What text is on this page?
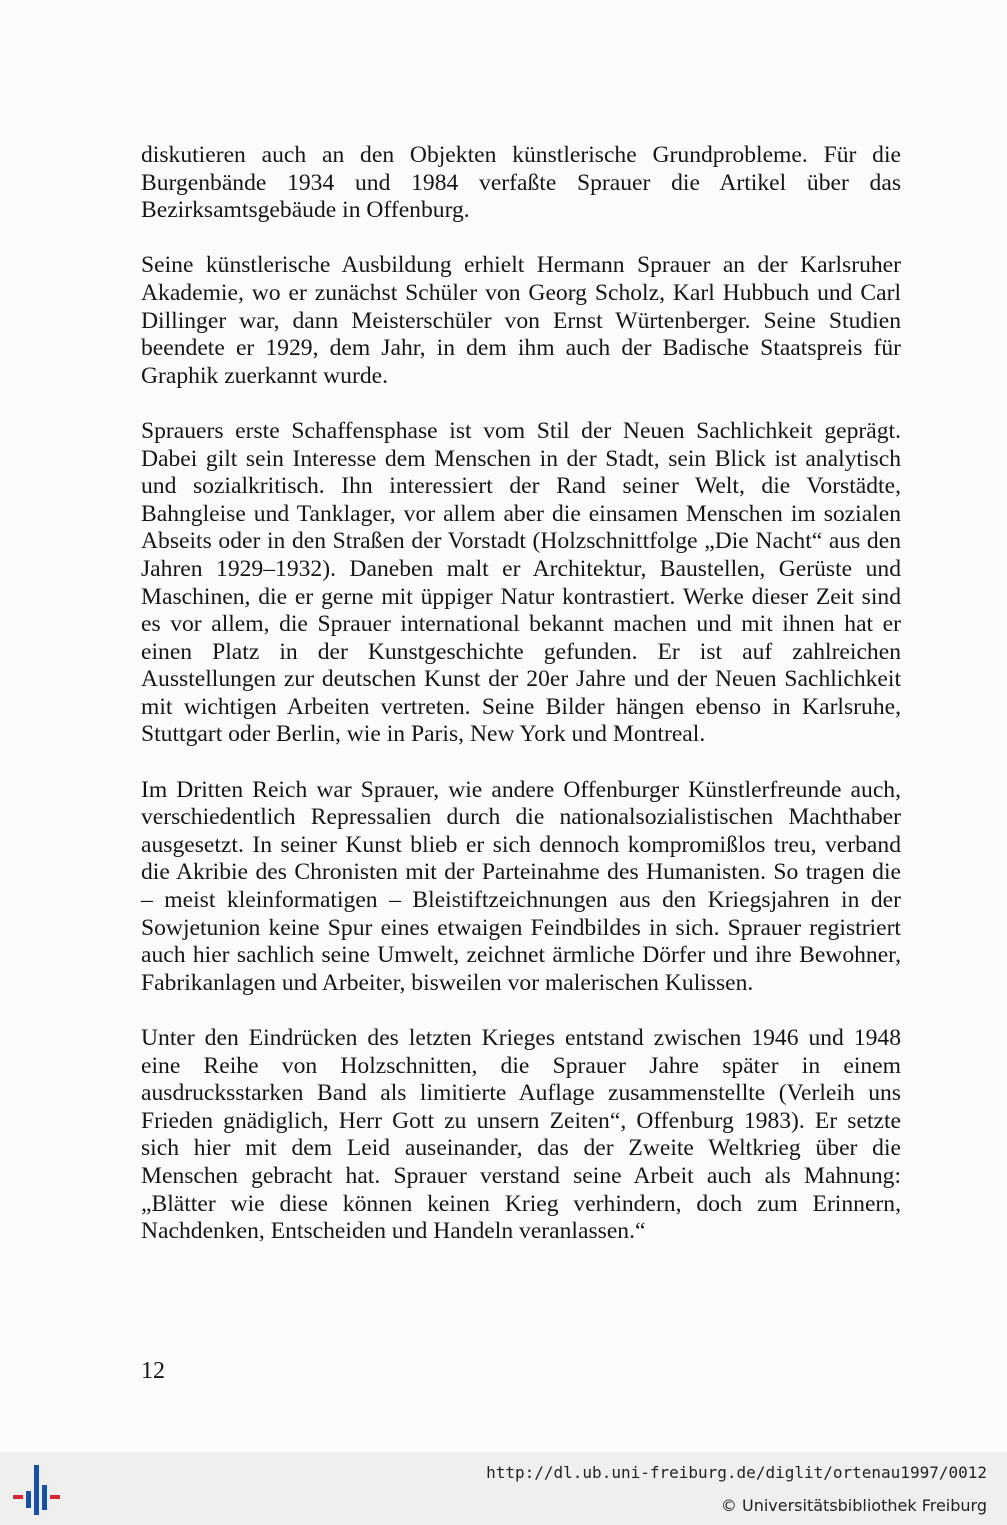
diskutieren auch an den Objekten künstlerische Grundprobleme. Für die Burgenbände 1934 und 1984 verfaßte Sprauer die Artikel über das Bezirksamtsgebäude in Offenburg.

Seine künstlerische Ausbildung erhielt Hermann Sprauer an der Karlsruher Akademie, wo er zunächst Schüler von Georg Scholz, Karl Hubbuch und Carl Dillinger war, dann Meisterschüler von Ernst Würtenberger. Seine Studien beendete er 1929, dem Jahr, in dem ihm auch der Badische Staatspreis für Graphik zuerkannt wurde.

Sprauers erste Schaffensphase ist vom Stil der Neuen Sachlichkeit geprägt. Dabei gilt sein Interesse dem Menschen in der Stadt, sein Blick ist analytisch und sozialkritisch. Ihn interessiert der Rand seiner Welt, die Vorstädte, Bahngleise und Tanklager, vor allem aber die einsamen Menschen im sozialen Abseits oder in den Straßen der Vorstadt (Holzschnittfolge „Die Nacht“ aus den Jahren 1929–1932). Daneben malt er Architektur, Baustellen, Gerüste und Maschinen, die er gerne mit üppiger Natur kontrastiert. Werke dieser Zeit sind es vor allem, die Sprauer international bekannt machen und mit ihnen hat er einen Platz in der Kunstgeschichte gefunden. Er ist auf zahlreichen Ausstellungen zur deutschen Kunst der 20er Jahre und der Neuen Sachlichkeit mit wichtigen Arbeiten vertreten. Seine Bilder hängen ebenso in Karlsruhe, Stuttgart oder Berlin, wie in Paris, New York und Montreal.

Im Dritten Reich war Sprauer, wie andere Offenburger Künstlerfreunde auch, verschiedentlich Repressalien durch die nationalsozialistischen Machthaber ausgesetzt. In seiner Kunst blieb er sich dennoch kompromißlos treu, verband die Akribie des Chronisten mit der Parteinahme des Humanisten. So tragen die – meist kleinformatigen – Bleistiftzeichnungen aus den Kriegsjahren in der Sowjetunion keine Spur eines etwaigen Feindbildes in sich. Sprauer registriert auch hier sachlich seine Umwelt, zeichnet ärmliche Dörfer und ihre Bewohner, Fabrikanlagen und Arbeiter, bisweilen vor malerischen Kulissen.

Unter den Eindrücken des letzten Krieges entstand zwischen 1946 und 1948 eine Reihe von Holzschnitten, die Sprauer Jahre später in einem ausdrucksstarken Band als limitierte Auflage zusammenstellte (Verleih uns Frieden gnädiglich, Herr Gott zu unsern Zeiten“, Offenburg 1983). Er setzte sich hier mit dem Leid auseinander, das der Zweite Weltkrieg über die Menschen gebracht hat. Sprauer verstand seine Arbeit auch als Mahnung: „Blätter wie diese können keinen Krieg verhindern, doch zum Erinnern, Nachdenken, Entscheiden und Handeln veranlassen.“

12
http://dl.ub.uni-freiburg.de/diglit/ortenau1997/0012
© Universitätsbibliothek Freiburg
